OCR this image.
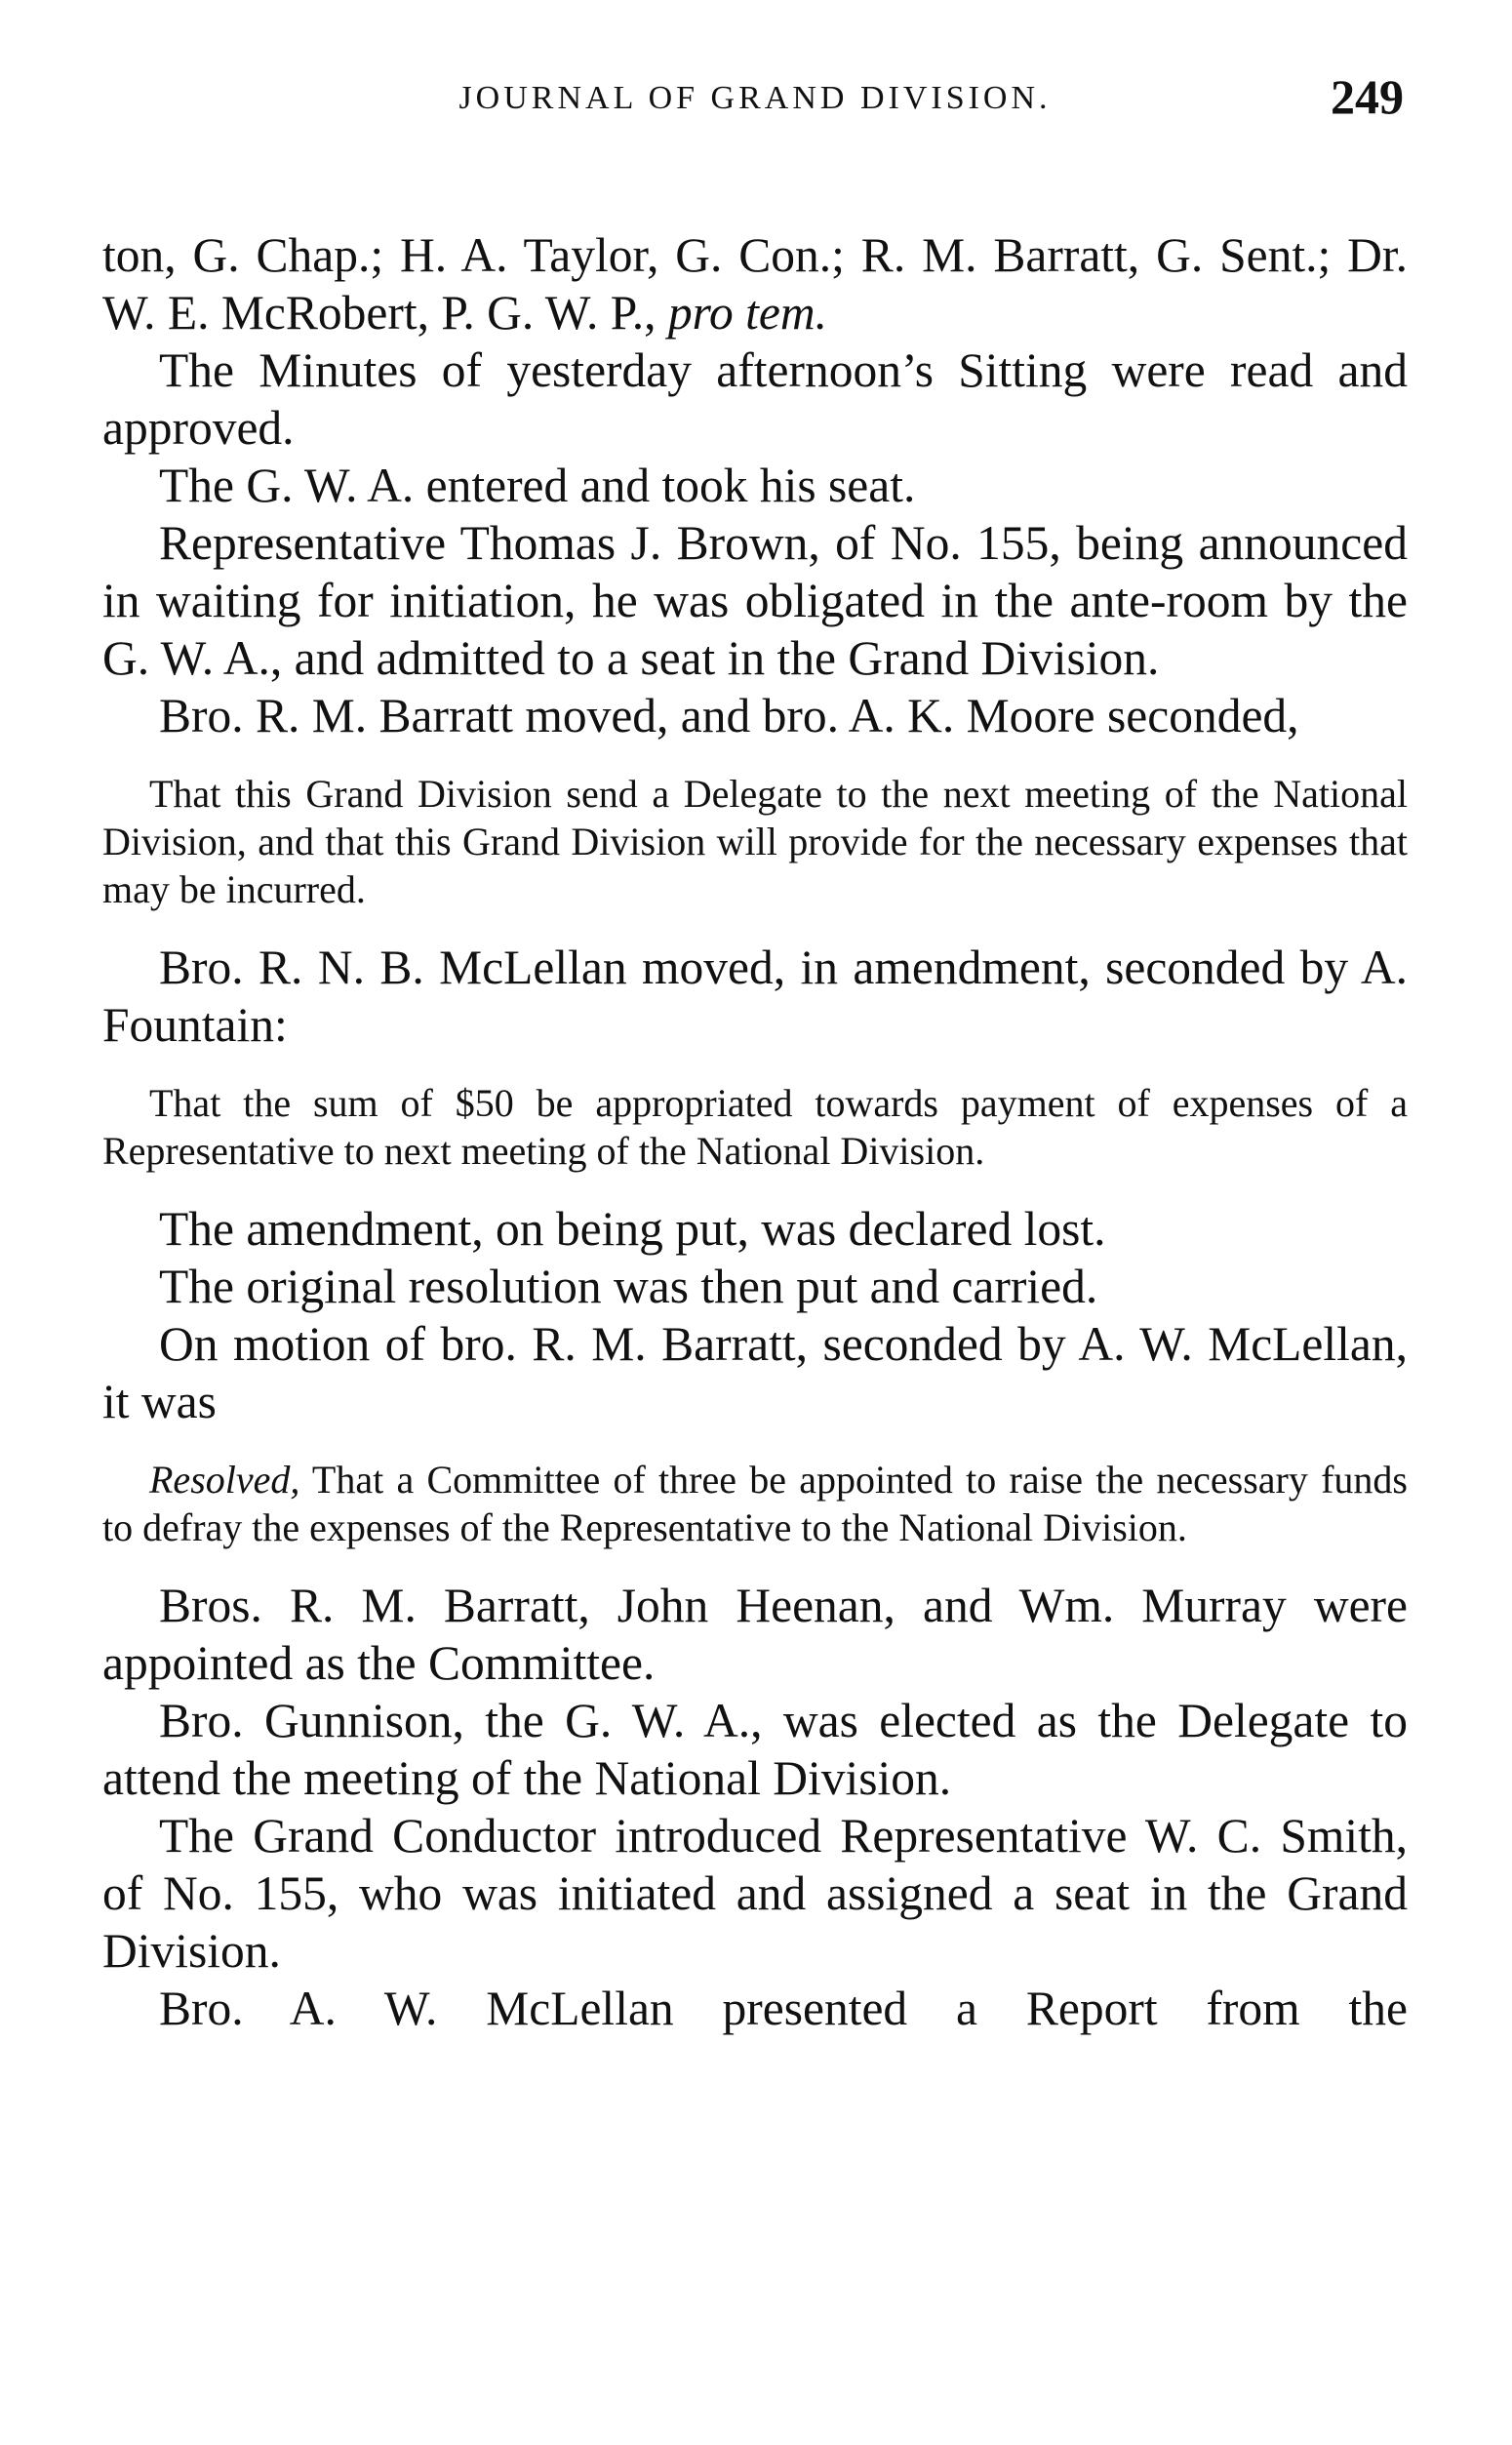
JOURNAL OF GRAND DIVISION.	249

ton, G. Chap.; H. A. Taylor, G. Con.; R. M. Barratt, G. Sent.; Dr. W. E. McRobert, P. G. W. P., pro tem.

The Minutes of yesterday afternoon’s Sitting were read and approved.

The G. W. A. entered and took his seat.

Representative Thomas J. Brown, of No. 155, being announced in waiting for initiation, he was obligated in the ante-room by the G. W. A., and admitted to a seat in the Grand Division.

Bro. R. M. Barratt moved, and bro. A. K. Moore seconded,

That this Grand Division send a Delegate to the next meeting of the National Division, and that this Grand Division will provide for the necessary expenses that may be incurred.

Bro. R. N. B. McLellan moved, in amendment, seconded by A. Fountain:

That the sum of $50 be appropriated towards payment of expenses of a Representative to next meeting of the National Division.

The amendment, on being put, was declared lost.

The original resolution was then put and carried.

On motion of bro. R. M. Barratt, seconded by A. W. McLellan, it was

Resolved, That a Committee of three be appointed to raise the necessary funds to defray the expenses of the Representative to the National Division.

Bros. R. M. Barratt, John Heenan, and Wm. Murray were appointed as the Committee.

Bro. Gunnison, the G. W. A., was elected as the Delegate to attend the meeting of the National Division.

The Grand Conductor introduced Representative W. C. Smith, of No. 155, who was initiated and assigned a seat in the Grand Division.

Bro. A. W. McLellan presented a Report from the
